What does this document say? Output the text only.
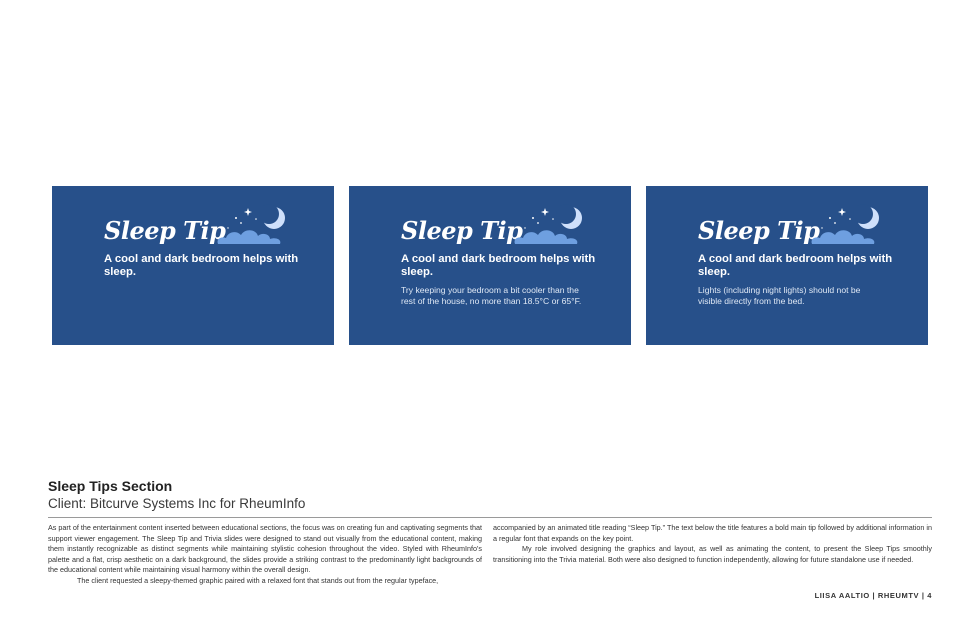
Sleep Tip
A cool and dark bedroom helps with sleep.
Sleep Tip
A cool and dark bedroom helps with sleep.
Try keeping your bedroom a bit cooler than the rest of the house, no more than 18.5°C or 65°F.
Sleep Tip
A cool and dark bedroom helps with sleep.
Lights (including night lights) should not be visible directly from the bed.
Sleep Tips Section
Client: Bitcurve Systems Inc for RheumInfo

As part of the entertainment content inserted between educational sections, the focus was on creating fun and captivating segments that support viewer engagement. The Sleep Tip and Trivia slides were designed to stand out visually from the educational content, making them instantly recognizable as distinct segments while maintaining stylistic cohesion throughout the video. Styled with RheumInfo’s palette and a flat, crisp aesthetic on a dark background, the slides provide a striking contrast to the predominantly light backgrounds of the educational content while maintaining visual harmony within the overall design.

The client requested a sleepy-themed graphic paired with a relaxed font that stands out from the regular typeface,

accompanied by an animated title reading “Sleep Tip.” The text below the title features a bold main tip followed by additional information in a regular font that expands on the key point.

My role involved designing the graphics and layout, as well as animating the content, to present the Sleep Tips smoothly transitioning into the Trivia material. Both were also designed to function independently, allowing for future standalone use if needed.

LIISA AALTIO | RHEUMTV | 4
